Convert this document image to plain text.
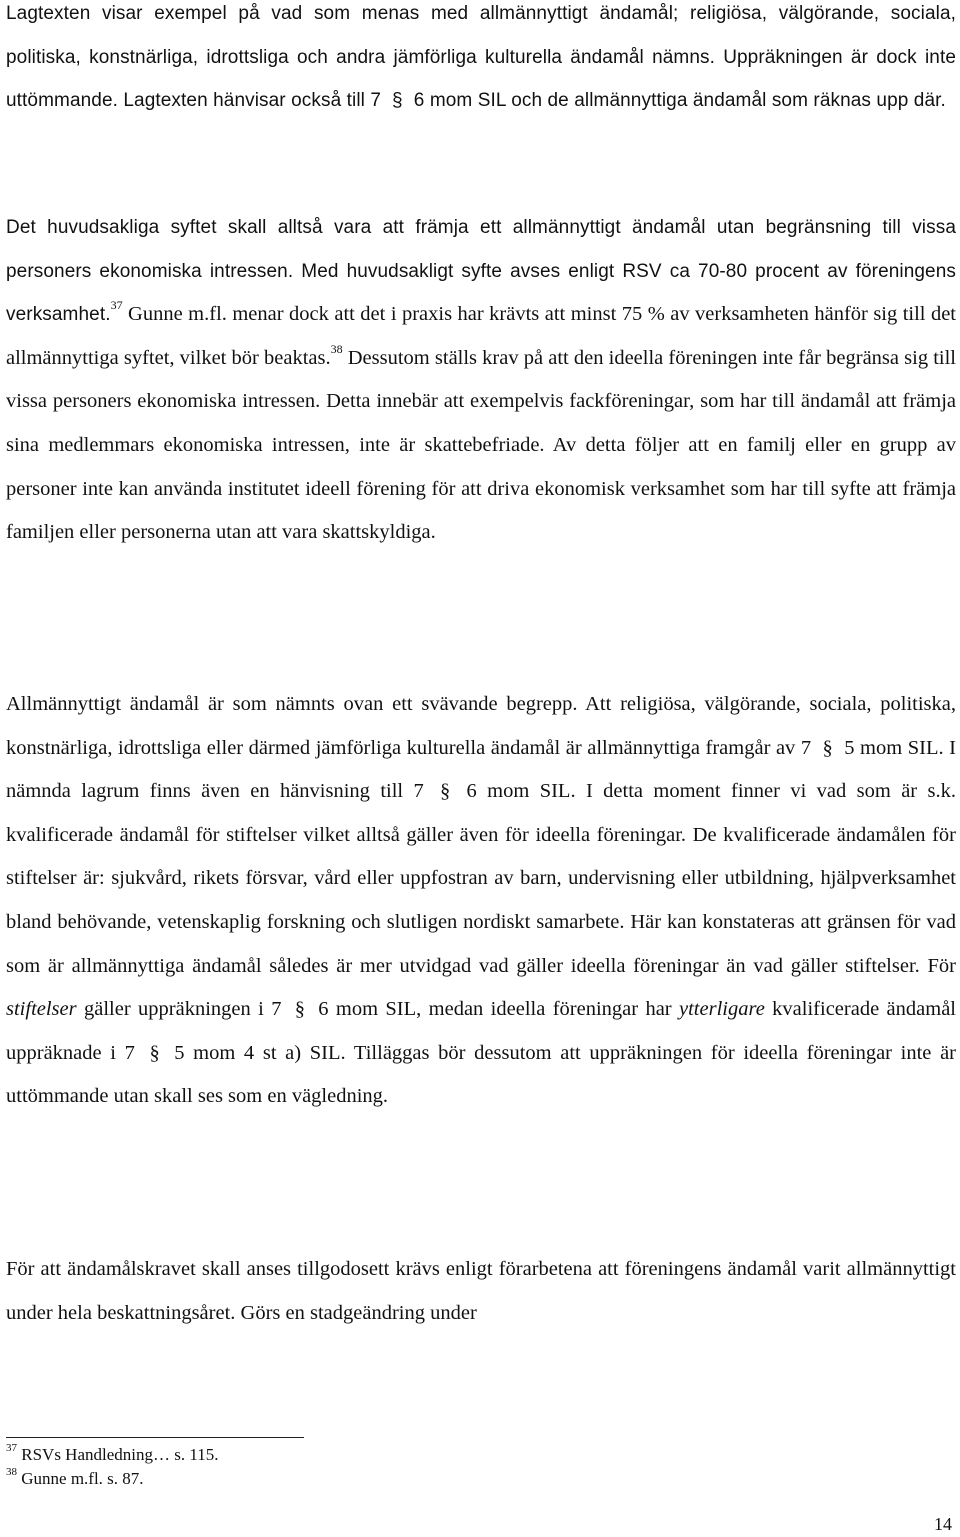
Lagtexten visar exempel på vad som menas med allmännyttigt ändamål; religiösa, välgörande, sociala, politiska, konstnärliga, idrottsliga och andra jämförliga kulturella ändamål nämns. Uppräkningen är dock inte uttömmande. Lagtexten hänvisar också till 7 § 6 mom SIL och de allmännyttiga ändamål som räknas upp där.

Det huvudsakliga syftet skall alltså vara att främja ett allmännyttigt ändamål utan begränsning till vissa personers ekonomiska intressen. Med huvudsakligt syfte avses enligt RSV ca 70-80 procent av föreningens verksamhet.$^{37}$ Gunne m.fl. menar dock att det i praxis har krävts att minst 75 % av verksamheten hänför sig till det allmännyttiga syftet, vilket bör beaktas.$^{38}$ Dessutom ställs krav på att den ideella föreningen inte får begränsa sig till vissa personers ekonomiska intressen. Detta innebär att exempelvis fackföreningar, som har till ändamål att främja sina medlemmars ekonomiska intressen, inte är skattebefriade. Av detta följer att en familj eller en grupp av personer inte kan använda institutet ideell förening för att driva ekonomisk verksamhet som har till syfte att främja familjen eller personerna utan att vara skattskyldiga.

Allmännyttigt ändamål är som nämnts ovan ett svävande begrepp. Att religiösa, välgörande, sociala, politiska, konstnärliga, idrottsliga eller därmed jämförliga kulturella ändamål är allmännyttiga framgår av 7 § 5 mom SIL. I nämnda lagrum finns även en hänvisning till 7 § 6 mom SIL. I detta moment finner vi vad som är s.k. kvalificerade ändamål för stiftelser vilket alltså gäller även för ideella föreningar. De kvalificerade ändamålen för stiftelser är: sjukvård, rikets försvar, vård eller uppfostran av barn, undervisning eller utbildning, hjälpverksamhet bland behövande, vetenskaplig forskning och slutligen nordiskt samarbete. Här kan konstateras att gränsen för vad som är allmännyttiga ändamål således är mer utvidgad vad gäller ideella föreningar än vad gäller stiftelser. För stiftelser gäller uppräkningen i 7 § 6 mom SIL, medan ideella föreningar har ytterligare kvalificerade ändamål uppräknade i 7 § 5 mom 4 st a) SIL. Tilläggas bör dessutom att uppräkningen för ideella föreningar inte är uttömmande utan skall ses som en vägledning.

För att ändamålskravet skall anses tillgodosett krävs enligt förarbetena att föreningens ändamål varit allmännyttigt under hela beskattningsåret. Görs en stadgeändring under

$^{37}$ RSVs Handledning… s. 115.
$^{38}$ Gunne m.fl. s. 87.
14
